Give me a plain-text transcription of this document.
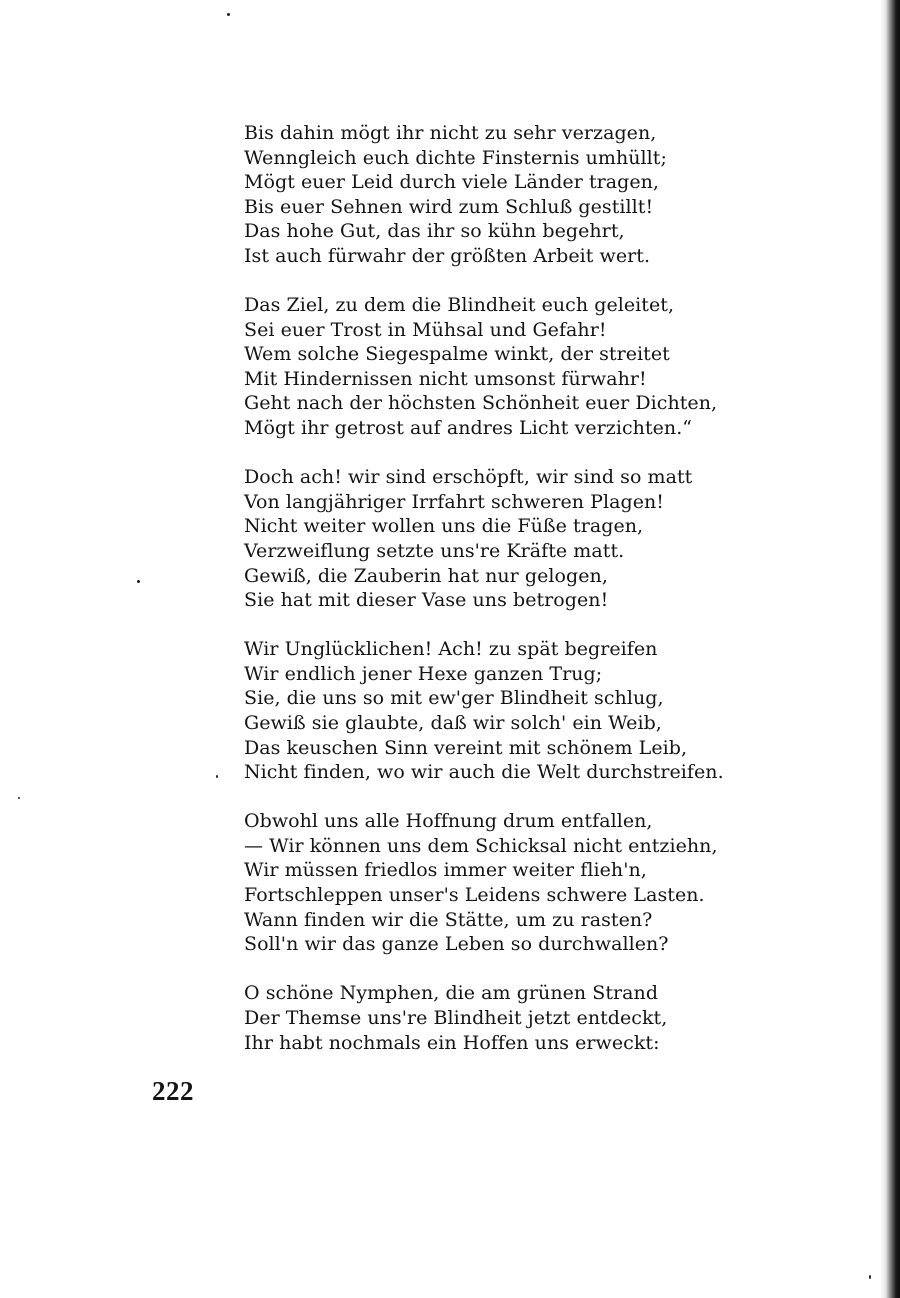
Bis dahin mögt ihr nicht zu sehr verzagen,
Wenngleich euch dichte Finsternis umhüllt;
Mögt euer Leid durch viele Länder tragen,
Bis euer Sehnen wird zum Schluß gestillt!
Das hohe Gut, das ihr so kühn begehrt,
Ist auch fürwahr der größten Arbeit wert.
Das Ziel, zu dem die Blindheit euch geleitet,
Sei euer Trost in Mühsal und Gefahr!
Wem solche Siegespalme winkt, der streitet
Mit Hindernissen nicht umsonst fürwahr!
Geht nach der höchsten Schönheit euer Dichten,
Mögt ihr getrost auf andres Licht verzichten.“
Doch ach! wir sind erschöpft, wir sind so matt
Von langjähriger Irrfahrt schweren Plagen!
Nicht weiter wollen uns die Füße tragen,
Verzweiflung setzte uns're Kräfte matt.
Gewiß, die Zauberin hat nur gelogen,
Sie hat mit dieser Vase uns betrogen!
Wir Unglücklichen! Ach! zu spät begreifen
Wir endlich jener Hexe ganzen Trug;
Sie, die uns so mit ew'ger Blindheit schlug,
Gewiß sie glaubte, daß wir solch' ein Weib,
Das keuschen Sinn vereint mit schönem Leib,
Nicht finden, wo wir auch die Welt durchstreifen.
Obwohl uns alle Hoffnung drum entfallen,
— Wir können uns dem Schicksal nicht entziehn,
Wir müssen friedlos immer weiter flieh'n,
Fortschleppen unser's Leidens schwere Lasten.
Wann finden wir die Stätte, um zu rasten?
Soll'n wir das ganze Leben so durchwallen?
O schöne Nymphen, die am grünen Strand
Der Themse uns're Blindheit jetzt entdeckt,
Ihr habt nochmals ein Hoffen uns erweckt:
222
